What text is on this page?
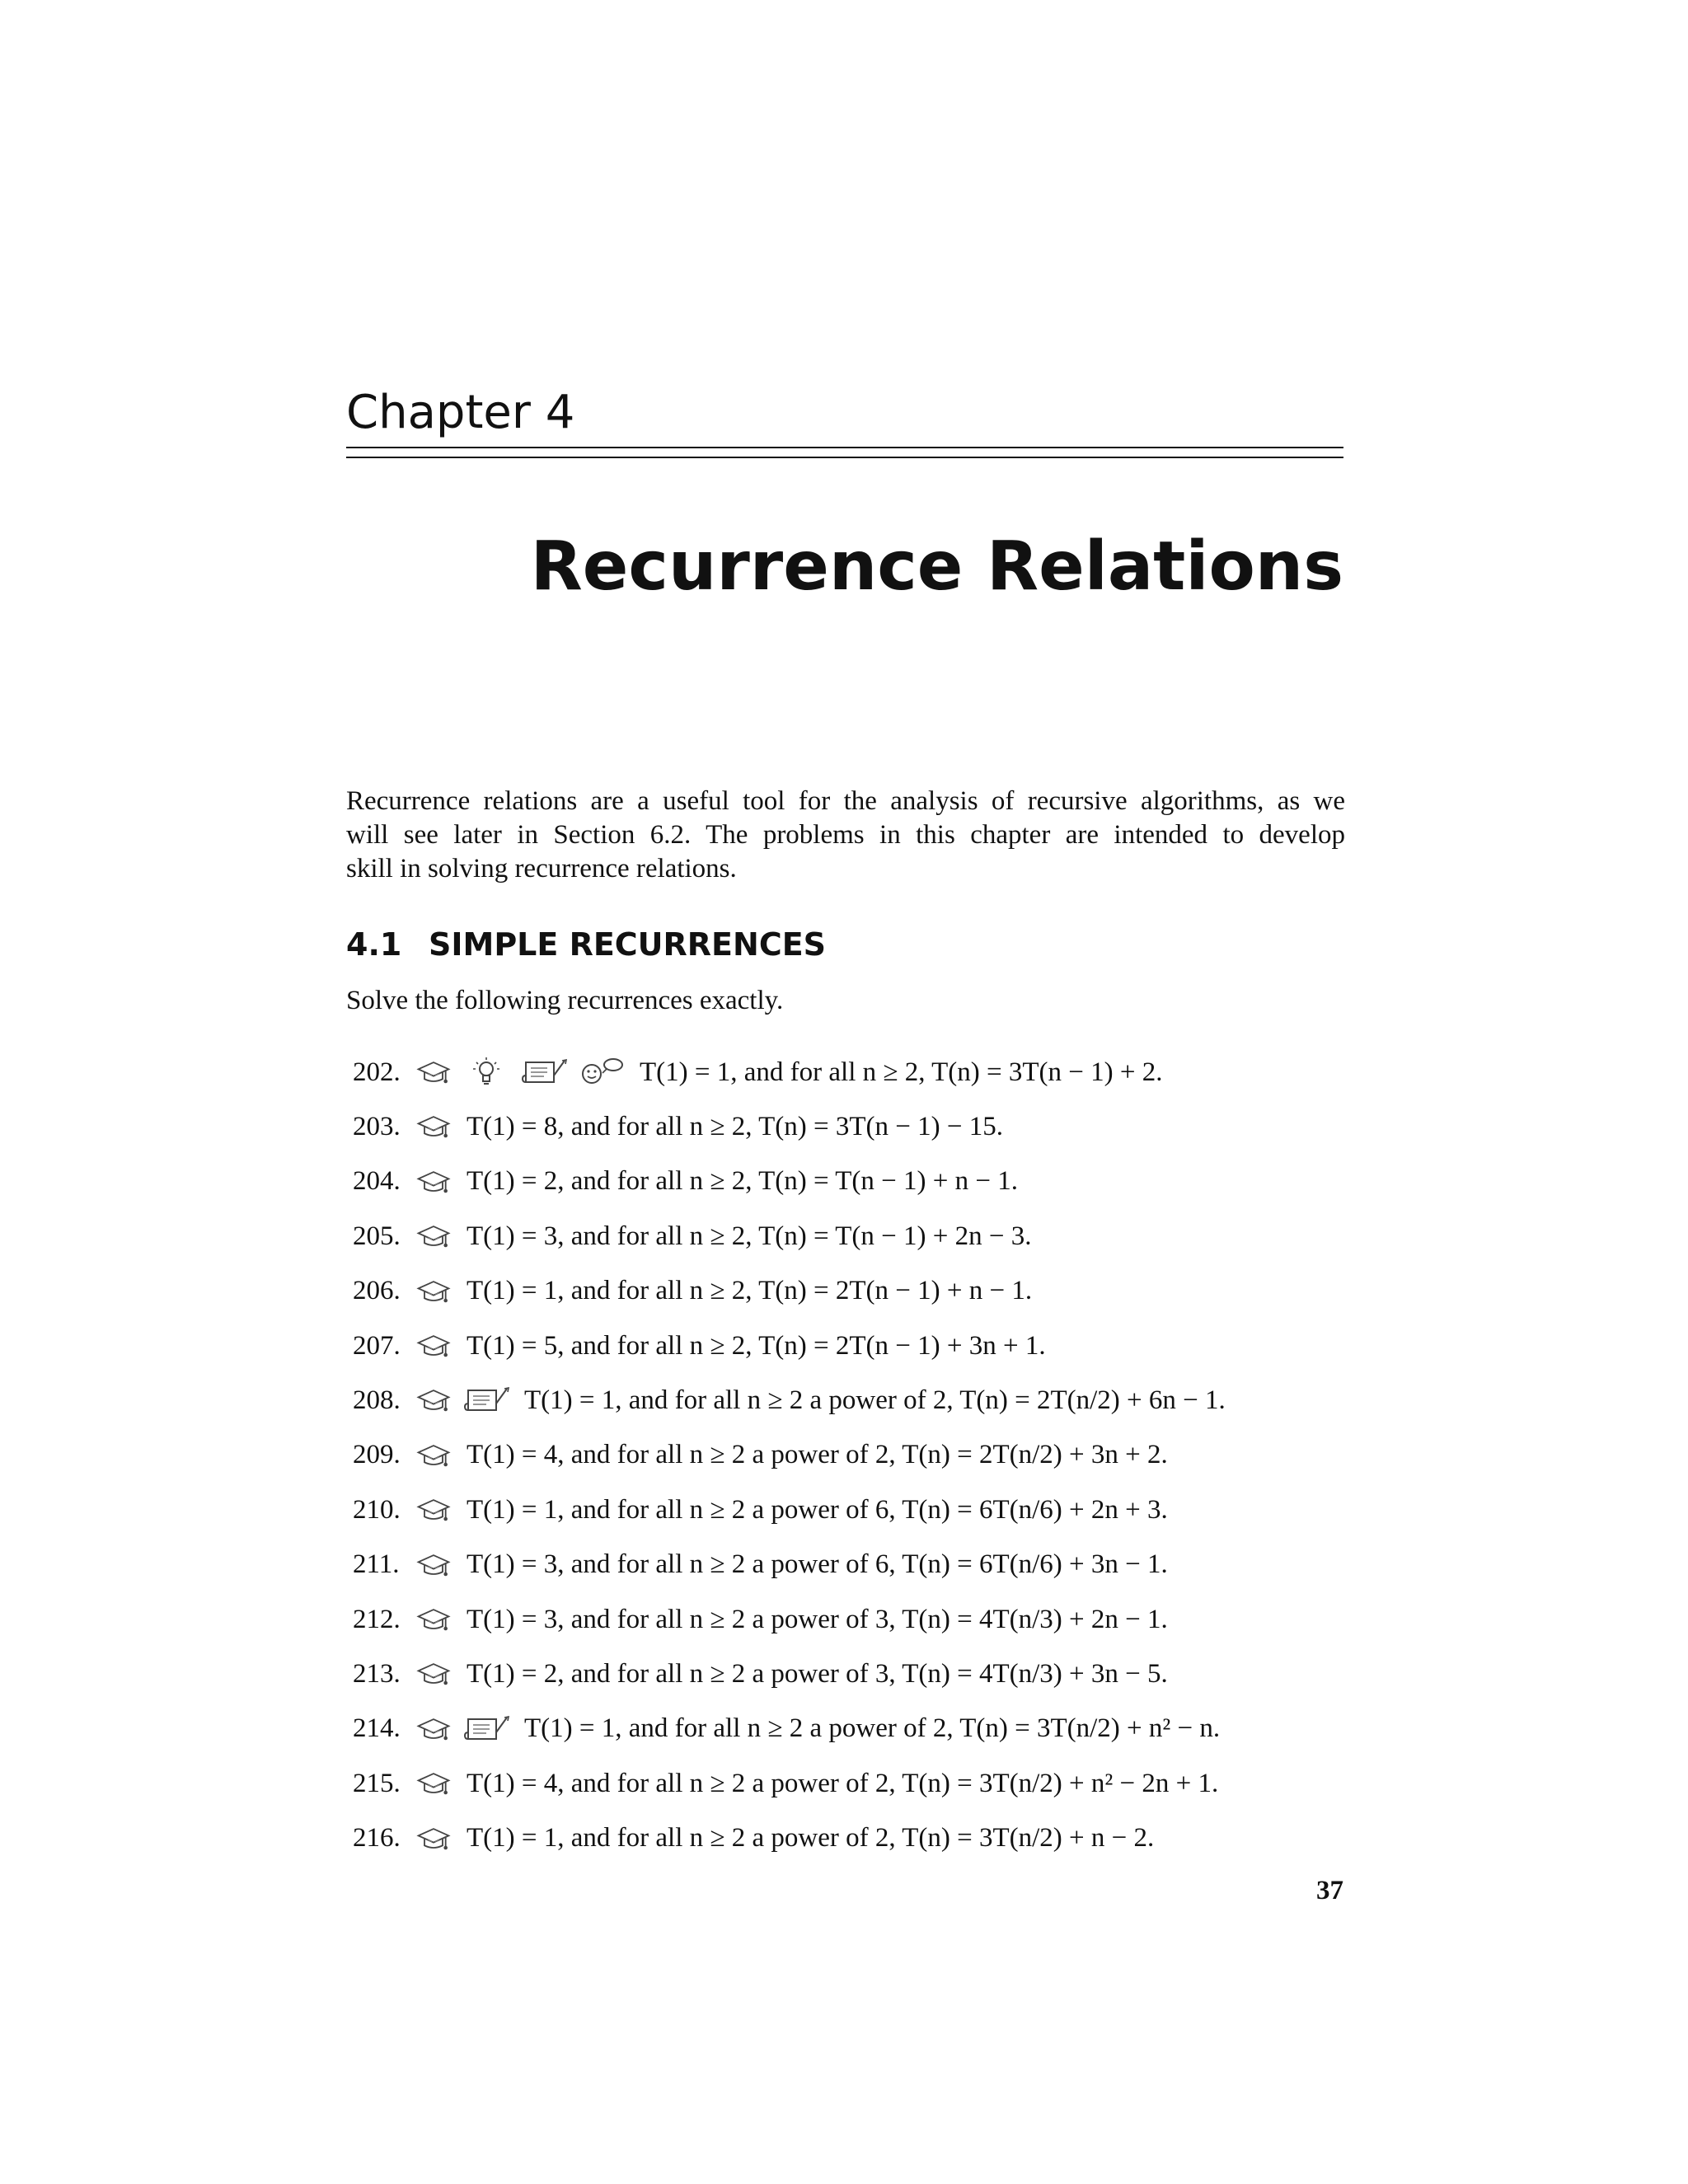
Chapter 4
Recurrence Relations
Recurrence relations are a useful tool for the analysis of recursive algorithms, as we
will see later in Section 6.2. The problems in this chapter are intended to develop
skill in solving recurrence relations.
4.1 SIMPLE RECURRENCES
Solve the following recurrences exactly.
202.	T(1) = 1, and for all n ≥ 2, T(n) = 3T(n − 1) + 2.
203.	T(1) = 8, and for all n ≥ 2, T(n) = 3T(n − 1) − 15.
204.	T(1) = 2, and for all n ≥ 2, T(n) = T(n − 1) + n − 1.
205.	T(1) = 3, and for all n ≥ 2, T(n) = T(n − 1) + 2n − 3.
206.	T(1) = 1, and for all n ≥ 2, T(n) = 2T(n − 1) + n − 1.
207.	T(1) = 5, and for all n ≥ 2, T(n) = 2T(n − 1) + 3n + 1.
208.	T(1) = 1, and for all n ≥ 2 a power of 2, T(n) = 2T(n/2) + 6n − 1.
209.	T(1) = 4, and for all n ≥ 2 a power of 2, T(n) = 2T(n/2) + 3n + 2.
210.	T(1) = 1, and for all n ≥ 2 a power of 6, T(n) = 6T(n/6) + 2n + 3.
211.	T(1) = 3, and for all n ≥ 2 a power of 6, T(n) = 6T(n/6) + 3n − 1.
212.	T(1) = 3, and for all n ≥ 2 a power of 3, T(n) = 4T(n/3) + 2n − 1.
213.	T(1) = 2, and for all n ≥ 2 a power of 3, T(n) = 4T(n/3) + 3n − 5.
214.	T(1) = 1, and for all n ≥ 2 a power of 2, T(n) = 3T(n/2) + n² − n.
215.	T(1) = 4, and for all n ≥ 2 a power of 2, T(n) = 3T(n/2) + n² − 2n + 1.
216.	T(1) = 1, and for all n ≥ 2 a power of 2, T(n) = 3T(n/2) + n − 2.
37
